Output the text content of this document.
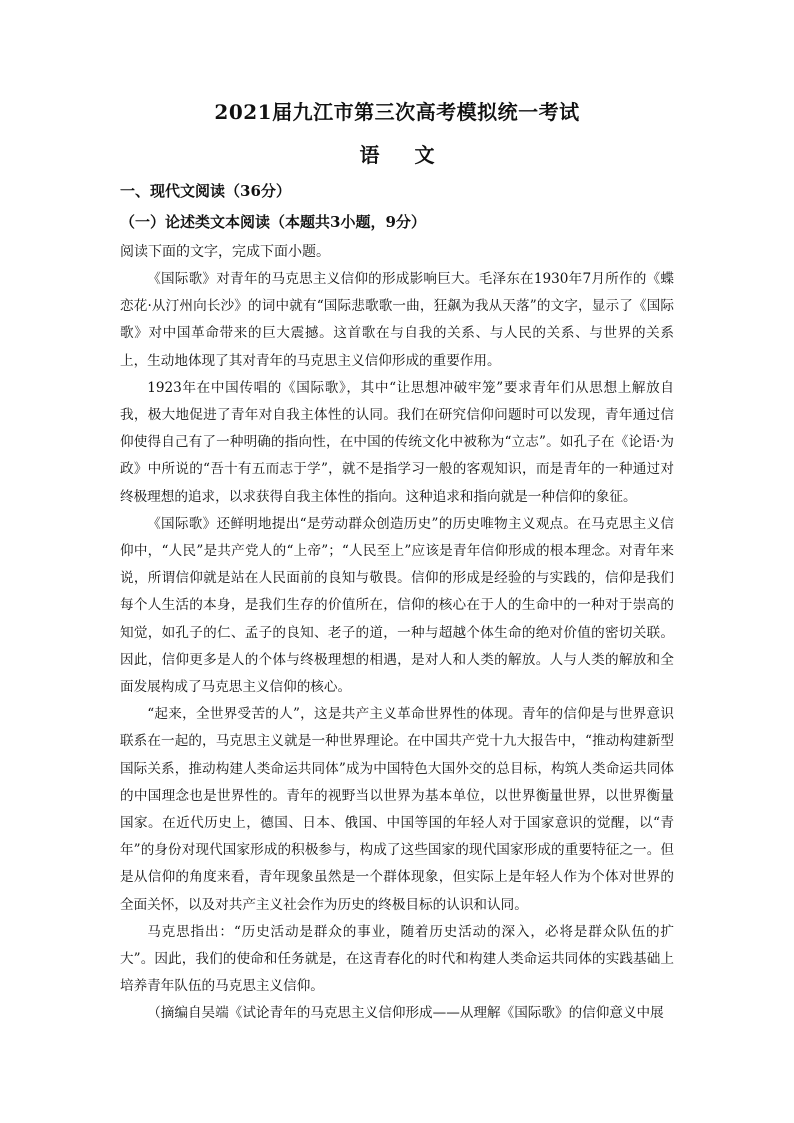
2021届九江市第三次高考模拟统一考试
语 文
一、现代文阅读（36分）
（一）论述类文本阅读（本题共3小题，9分）
阅读下面的文字，完成下面小题。

《国际歌》对青年的马克思主义信仰的形成影响巨大。毛泽东在1930年7月所作的《蝶恋花·从汀州向长沙》的词中就有“国际悲歌歌一曲，狂飙为我从天落”的文字，显示了《国际歌》对中国革命带来的巨大震撼。这首歌在与自我的关系、与人民的关系、与世界的关系上，生动地体现了其对青年的马克思主义信仰形成的重要作用。

1923年在中国传唱的《国际歌》，其中“让思想冲破牢笼”要求青年们从思想上解放自我，极大地促进了青年对自我主体性的认同。我们在研究信仰问题时可以发现，青年通过信仰使得自己有了一种明确的指向性，在中国的传统文化中被称为“立志”。如孔子在《论语·为政》中所说的“吾十有五而志于学”，就不是指学习一般的客观知识，而是青年的一种通过对终极理想的追求，以求获得自我主体性的指向。这种追求和指向就是一种信仰的象征。

《国际歌》还鲜明地提出“是劳动群众创造历史”的历史唯物主义观点。在马克思主义信仰中，“人民”是共产党人的“上帝”；“人民至上”应该是青年信仰形成的根本理念。对青年来说，所谓信仰就是站在人民面前的良知与敬畏。信仰的形成是经验的与实践的，信仰是我们每个人生活的本身，是我们生存的价值所在，信仰的核心在于人的生命中的一种对于崇高的知觉，如孔子的仁、孟子的良知、老子的道，一种与超越个体生命的绝对价值的密切关联。因此，信仰更多是人的个体与终极理想的相遇，是对人和人类的解放。人与人类的解放和全面发展构成了马克思主义信仰的核心。

“起来，全世界受苦的人”，这是共产主义革命世界性的体现。青年的信仰是与世界意识联系在一起的，马克思主义就是一种世界理论。在中国共产党十九大报告中，“推动构建新型国际关系，推动构建人类命运共同体”成为中国特色大国外交的总目标，构筑人类命运共同体的中国理念也是世界性的。青年的视野当以世界为基本单位，以世界衡量世界，以世界衡量国家。在近代历史上，德国、日本、俄国、中国等国的年轻人对于国家意识的觉醒，以“青年”的身份对现代国家形成的积极参与，构成了这些国家的现代国家形成的重要特征之一。但是从信仰的角度来看，青年现象虽然是一个群体现象，但实际上是年轻人作为个体对世界的全面关怀，以及对共产主义社会作为历史的终极目标的认识和认同。

马克思指出：“历史活动是群众的事业，随着历史活动的深入，必将是群众队伍的扩大”。因此，我们的使命和任务就是，在这青春化的时代和构建人类命运共同体的实践基础上培养青年队伍的马克思主义信仰。

（摘编自吴端《试论青年的马克思主义信仰形成——从理解《国际歌》的信仰意义中展
